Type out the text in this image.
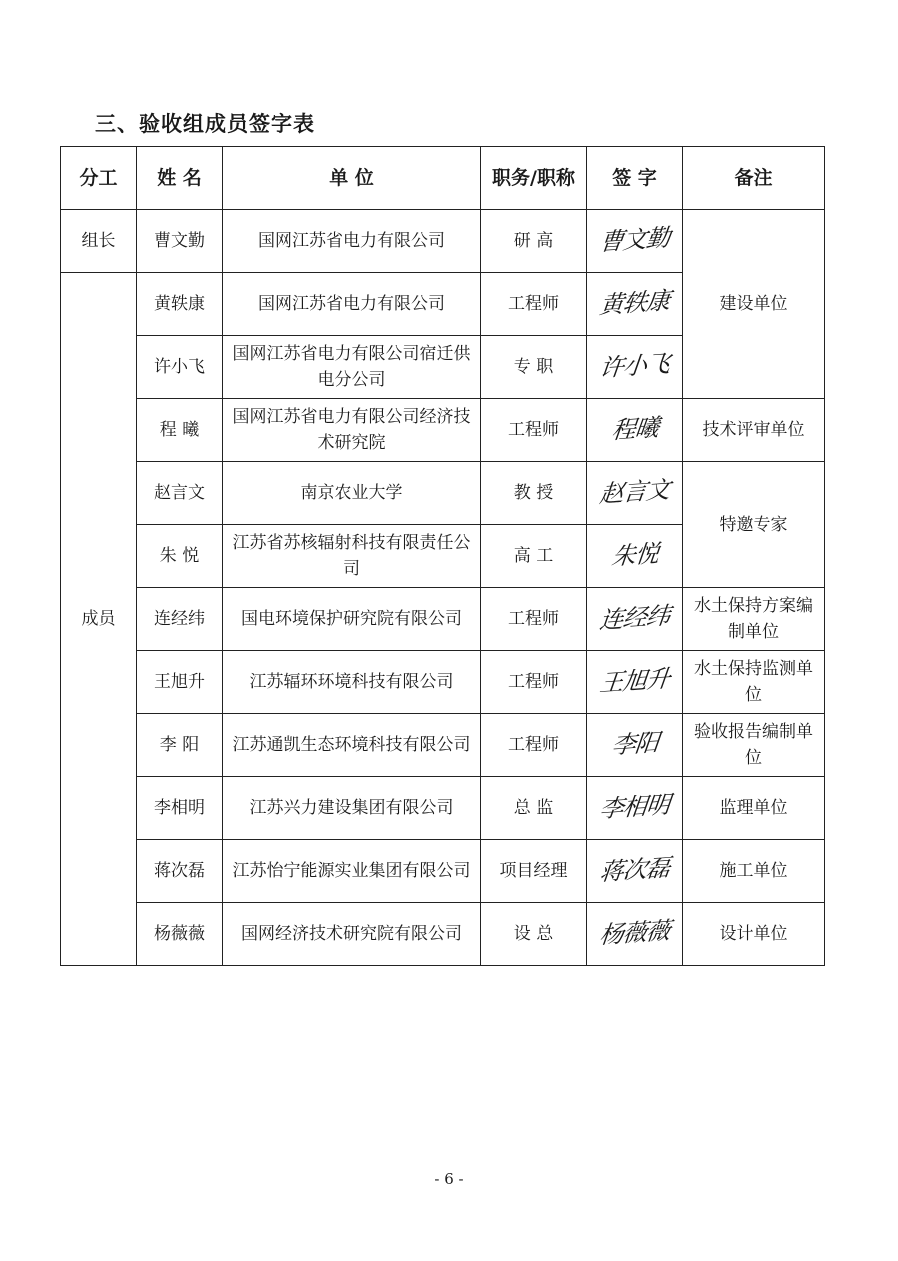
三、验收组成员签字表
分工	姓 名	单 位	职务/职称	签 字	备注
组长	曹文勤	国网江苏省电力有限公司	研 高	曹文勤	建设单位
成员	黄轶康	国网江苏省电力有限公司	工程师	黄轶康	
	许小飞	国网江苏省电力有限公司宿迁供电分公司	专 职	许小飞	
	程 曦	国网江苏省电力有限公司经济技术研究院	工程师	程曦	技术评审单位
	赵言文	南京农业大学	教 授	赵言文	特邀专家
	朱 悦	江苏省苏核辐射科技有限责任公司	高 工	朱悦	
	连经纬	国电环境保护研究院有限公司	工程师	连经纬	水土保持方案编制单位
	王旭升	江苏辐环环境科技有限公司	工程师	王旭升	水土保持监测单位
	李 阳	江苏通凯生态环境科技有限公司	工程师	李阳	验收报告编制单位
	李相明	江苏兴力建设集团有限公司	总 监	李相明	监理单位
	蒋次磊	江苏怡宁能源实业集团有限公司	项目经理	蒋次磊	施工单位
	杨薇薇	国网经济技术研究院有限公司	设 总	杨薇薇	设计单位
- 6 -
